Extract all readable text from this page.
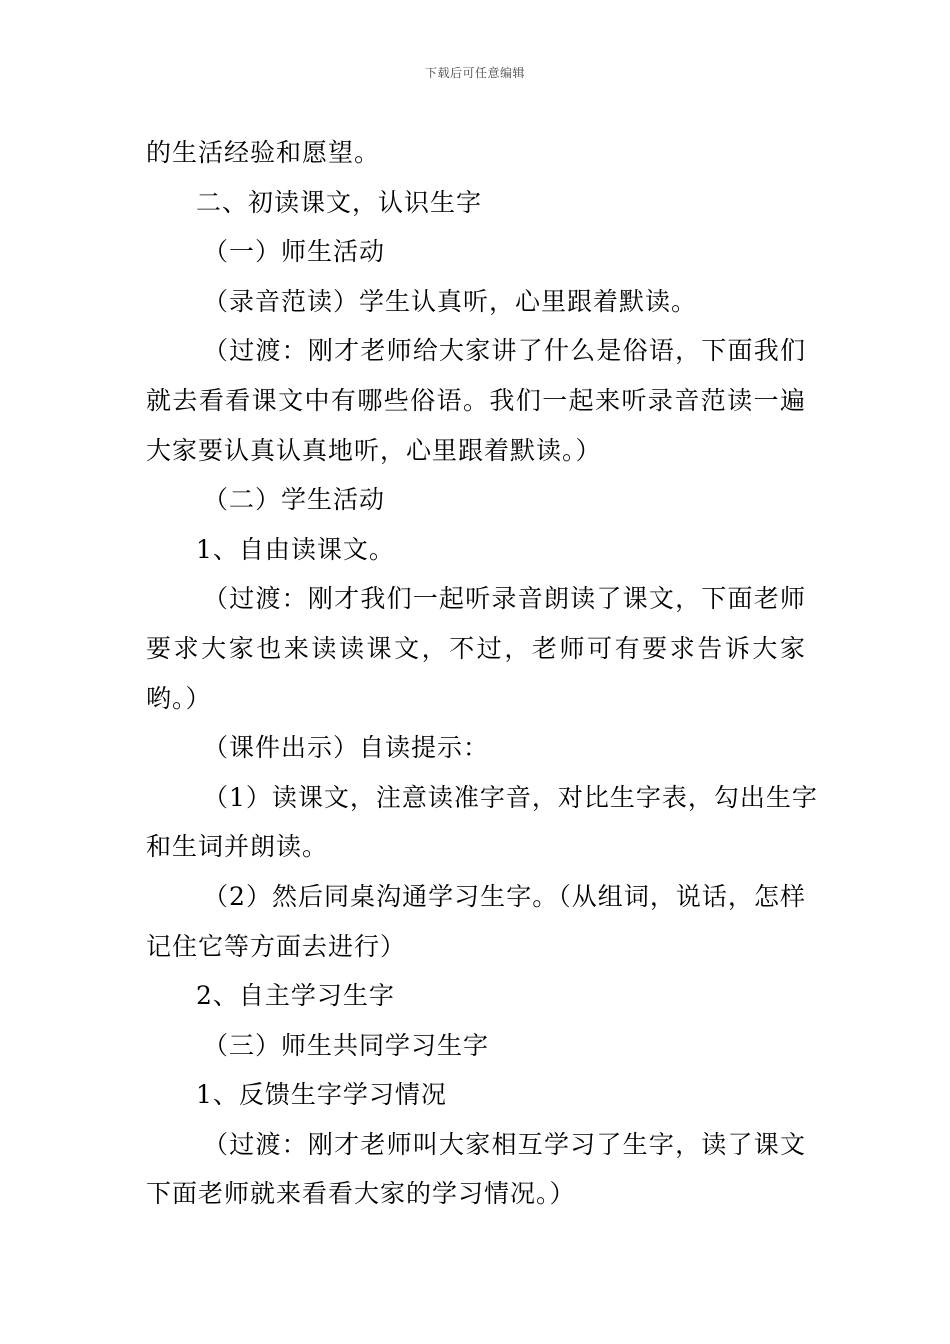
下载后可任意编辑
的生活经验和愿望。
二、初读课文，认识生字
（一）师生活动
（录音范读）学生认真听，心里跟着默读。
（过渡：刚才老师给大家讲了什么是俗语，下面我们
就去看看课文中有哪些俗语。我们一起来听录音范读一遍
大家要认真认真地听，心里跟着默读。）
（二）学生活动
1、自由读课文。
（过渡：刚才我们一起听录音朗读了课文，下面老师
要求大家也来读读课文，不过，老师可有要求告诉大家
哟。）
（课件出示）自读提示：
（1）读课文，注意读准字音，对比生字表，勾出生字
和生词并朗读。
（2）然后同桌沟通学习生字。（从组词，说话，怎样
记住它等方面去进行）
2、自主学习生字
（三）师生共同学习生字
1、反馈生字学习情况
（过渡：刚才老师叫大家相互学习了生字，读了课文
下面老师就来看看大家的学习情况。）
